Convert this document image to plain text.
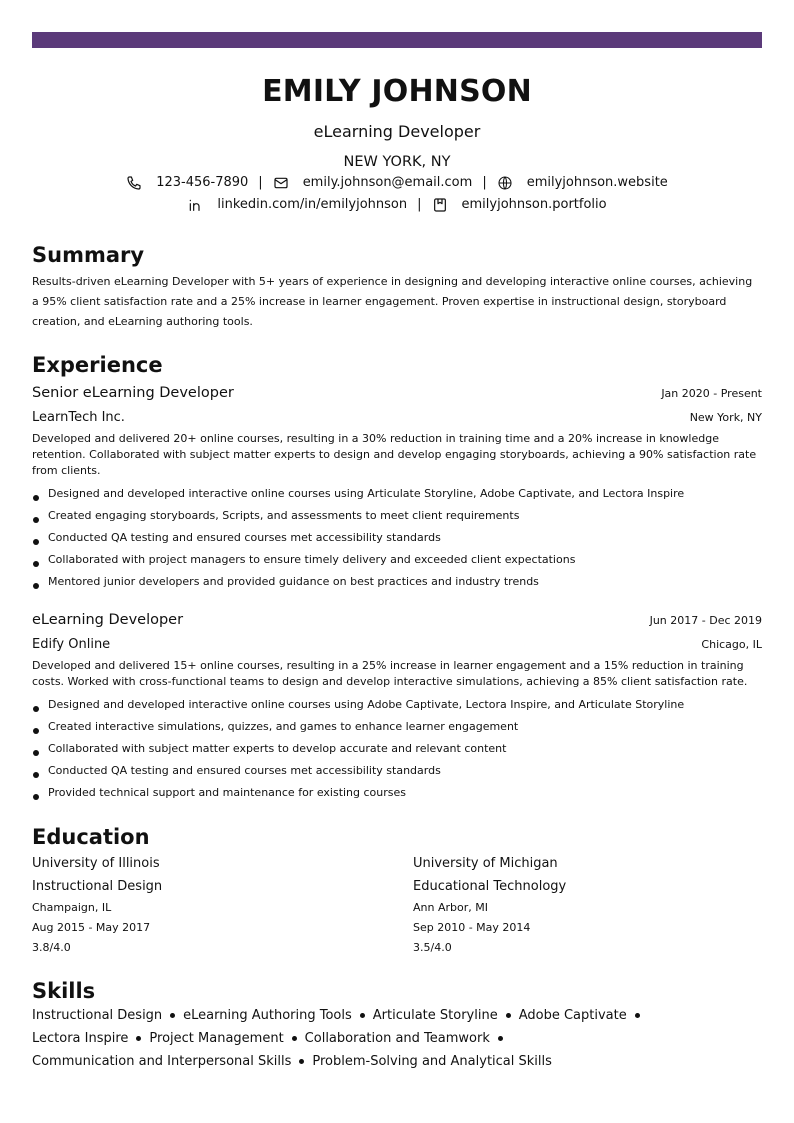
EMILY JOHNSON
eLearning Developer
NEW YORK, NY
123-456-7890 |	emily.johnson@email.com |	emilyjohnson.website
linkedin.com/in/emilyjohnson |	emilyjohnson.portfolio
Summary
Results-driven eLearning Developer with 5+ years of experience in designing and developing interactive online courses, achieving a 95% client satisfaction rate and a 25% increase in learner engagement. Proven expertise in instructional design, storyboard creation, and eLearning authoring tools.
Experience
Senior eLearning Developer	Jan 2020 - Present
LearnTech Inc.	New York, NY
Developed and delivered 20+ online courses, resulting in a 30% reduction in training time and a 20% increase in knowledge retention. Collaborated with subject matter experts to design and develop engaging storyboards, achieving a 90% satisfaction rate from clients.
Designed and developed interactive online courses using Articulate Storyline, Adobe Captivate, and Lectora Inspire
Created engaging storyboards, Scripts, and assessments to meet client requirements
Conducted QA testing and ensured courses met accessibility standards
Collaborated with project managers to ensure timely delivery and exceeded client expectations
Mentored junior developers and provided guidance on best practices and industry trends
eLearning Developer	Jun 2017 - Dec 2019
Edify Online	Chicago, IL
Developed and delivered 15+ online courses, resulting in a 25% increase in learner engagement and a 15% reduction in training costs. Worked with cross-functional teams to design and develop interactive simulations, achieving a 85% client satisfaction rate.
Designed and developed interactive online courses using Adobe Captivate, Lectora Inspire, and Articulate Storyline
Created interactive simulations, quizzes, and games to enhance learner engagement
Collaborated with subject matter experts to develop accurate and relevant content
Conducted QA testing and ensured courses met accessibility standards
Provided technical support and maintenance for existing courses
Education
University of Illinois
Instructional Design
Champaign, IL
Aug 2015 - May 2017
3.8/4.0
University of Michigan
Educational Technology
Ann Arbor, MI
Sep 2010 - May 2014
3.5/4.0
Skills
Instructional Design eLearning Authoring Tools Articulate Storyline Adobe Captivate
Lectora Inspire Project Management Collaboration and Teamwork
Communication and Interpersonal Skills Problem-Solving and Analytical Skills
